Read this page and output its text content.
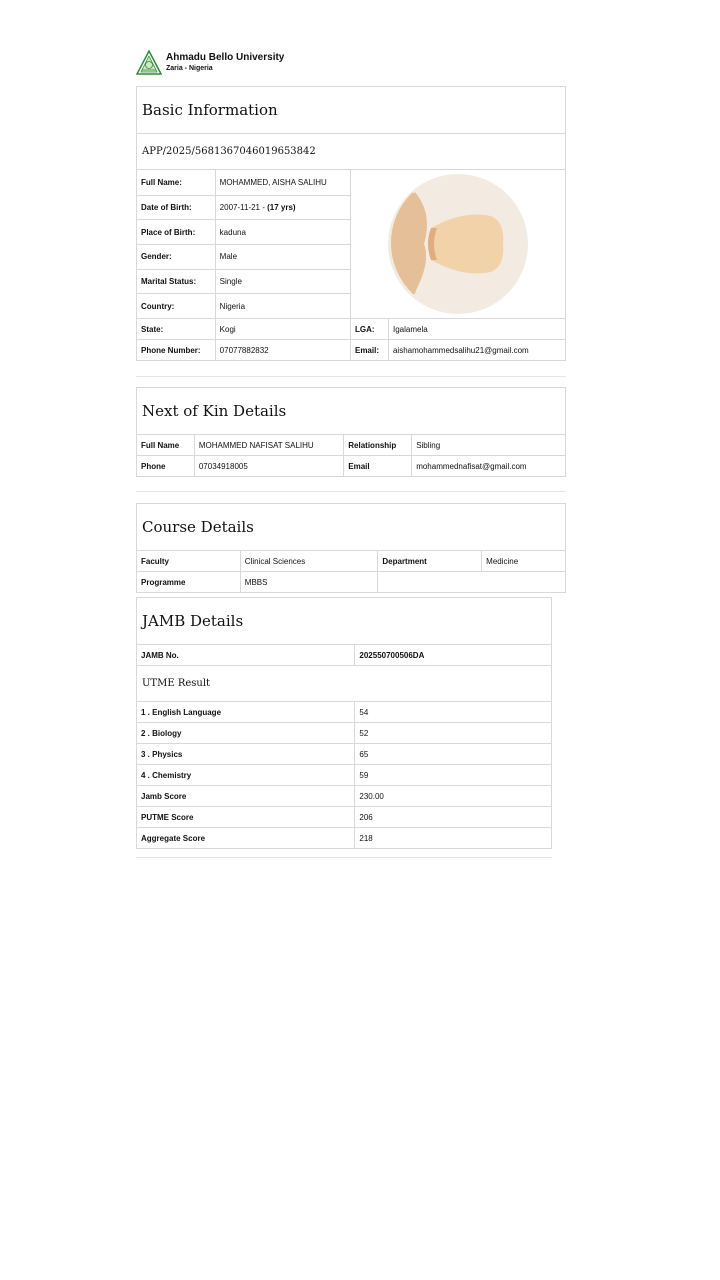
Ahmadu Bello University
Zaria - Nigeria
Basic Information			
APP/2025/5681367046019653842			
Full Name:	MOHAMMED, AISHA SALIHU	

Date of Birth:	2007-11-21 - (17 yrs)		
Place of Birth:	kaduna		
Gender:	Male		
Marital Status:	Single		
Country:	Nigeria		
State:	Kogi	LGA:	Igalamela
Phone Number:	07077882832	Email:	aishamohammedsalihu21@gmail.com
Next of Kin Details			
Full Name	MOHAMMED NAFISAT SALIHU	Relationship	Sibling
Phone	07034918005	Email	mohammednafisat@gmail.com
Course Details			
Faculty	Clinical Sciences	Department	Medicine
Programme	MBBS		
JAMB Details	
JAMB No.	202550700506DA
UTME Result	
1 . English Language	54
2 . Biology	52
3 . Physics	65
4 . Chemistry	59
Jamb Score	230.00
PUTME Score	206
Aggregate Score	218
